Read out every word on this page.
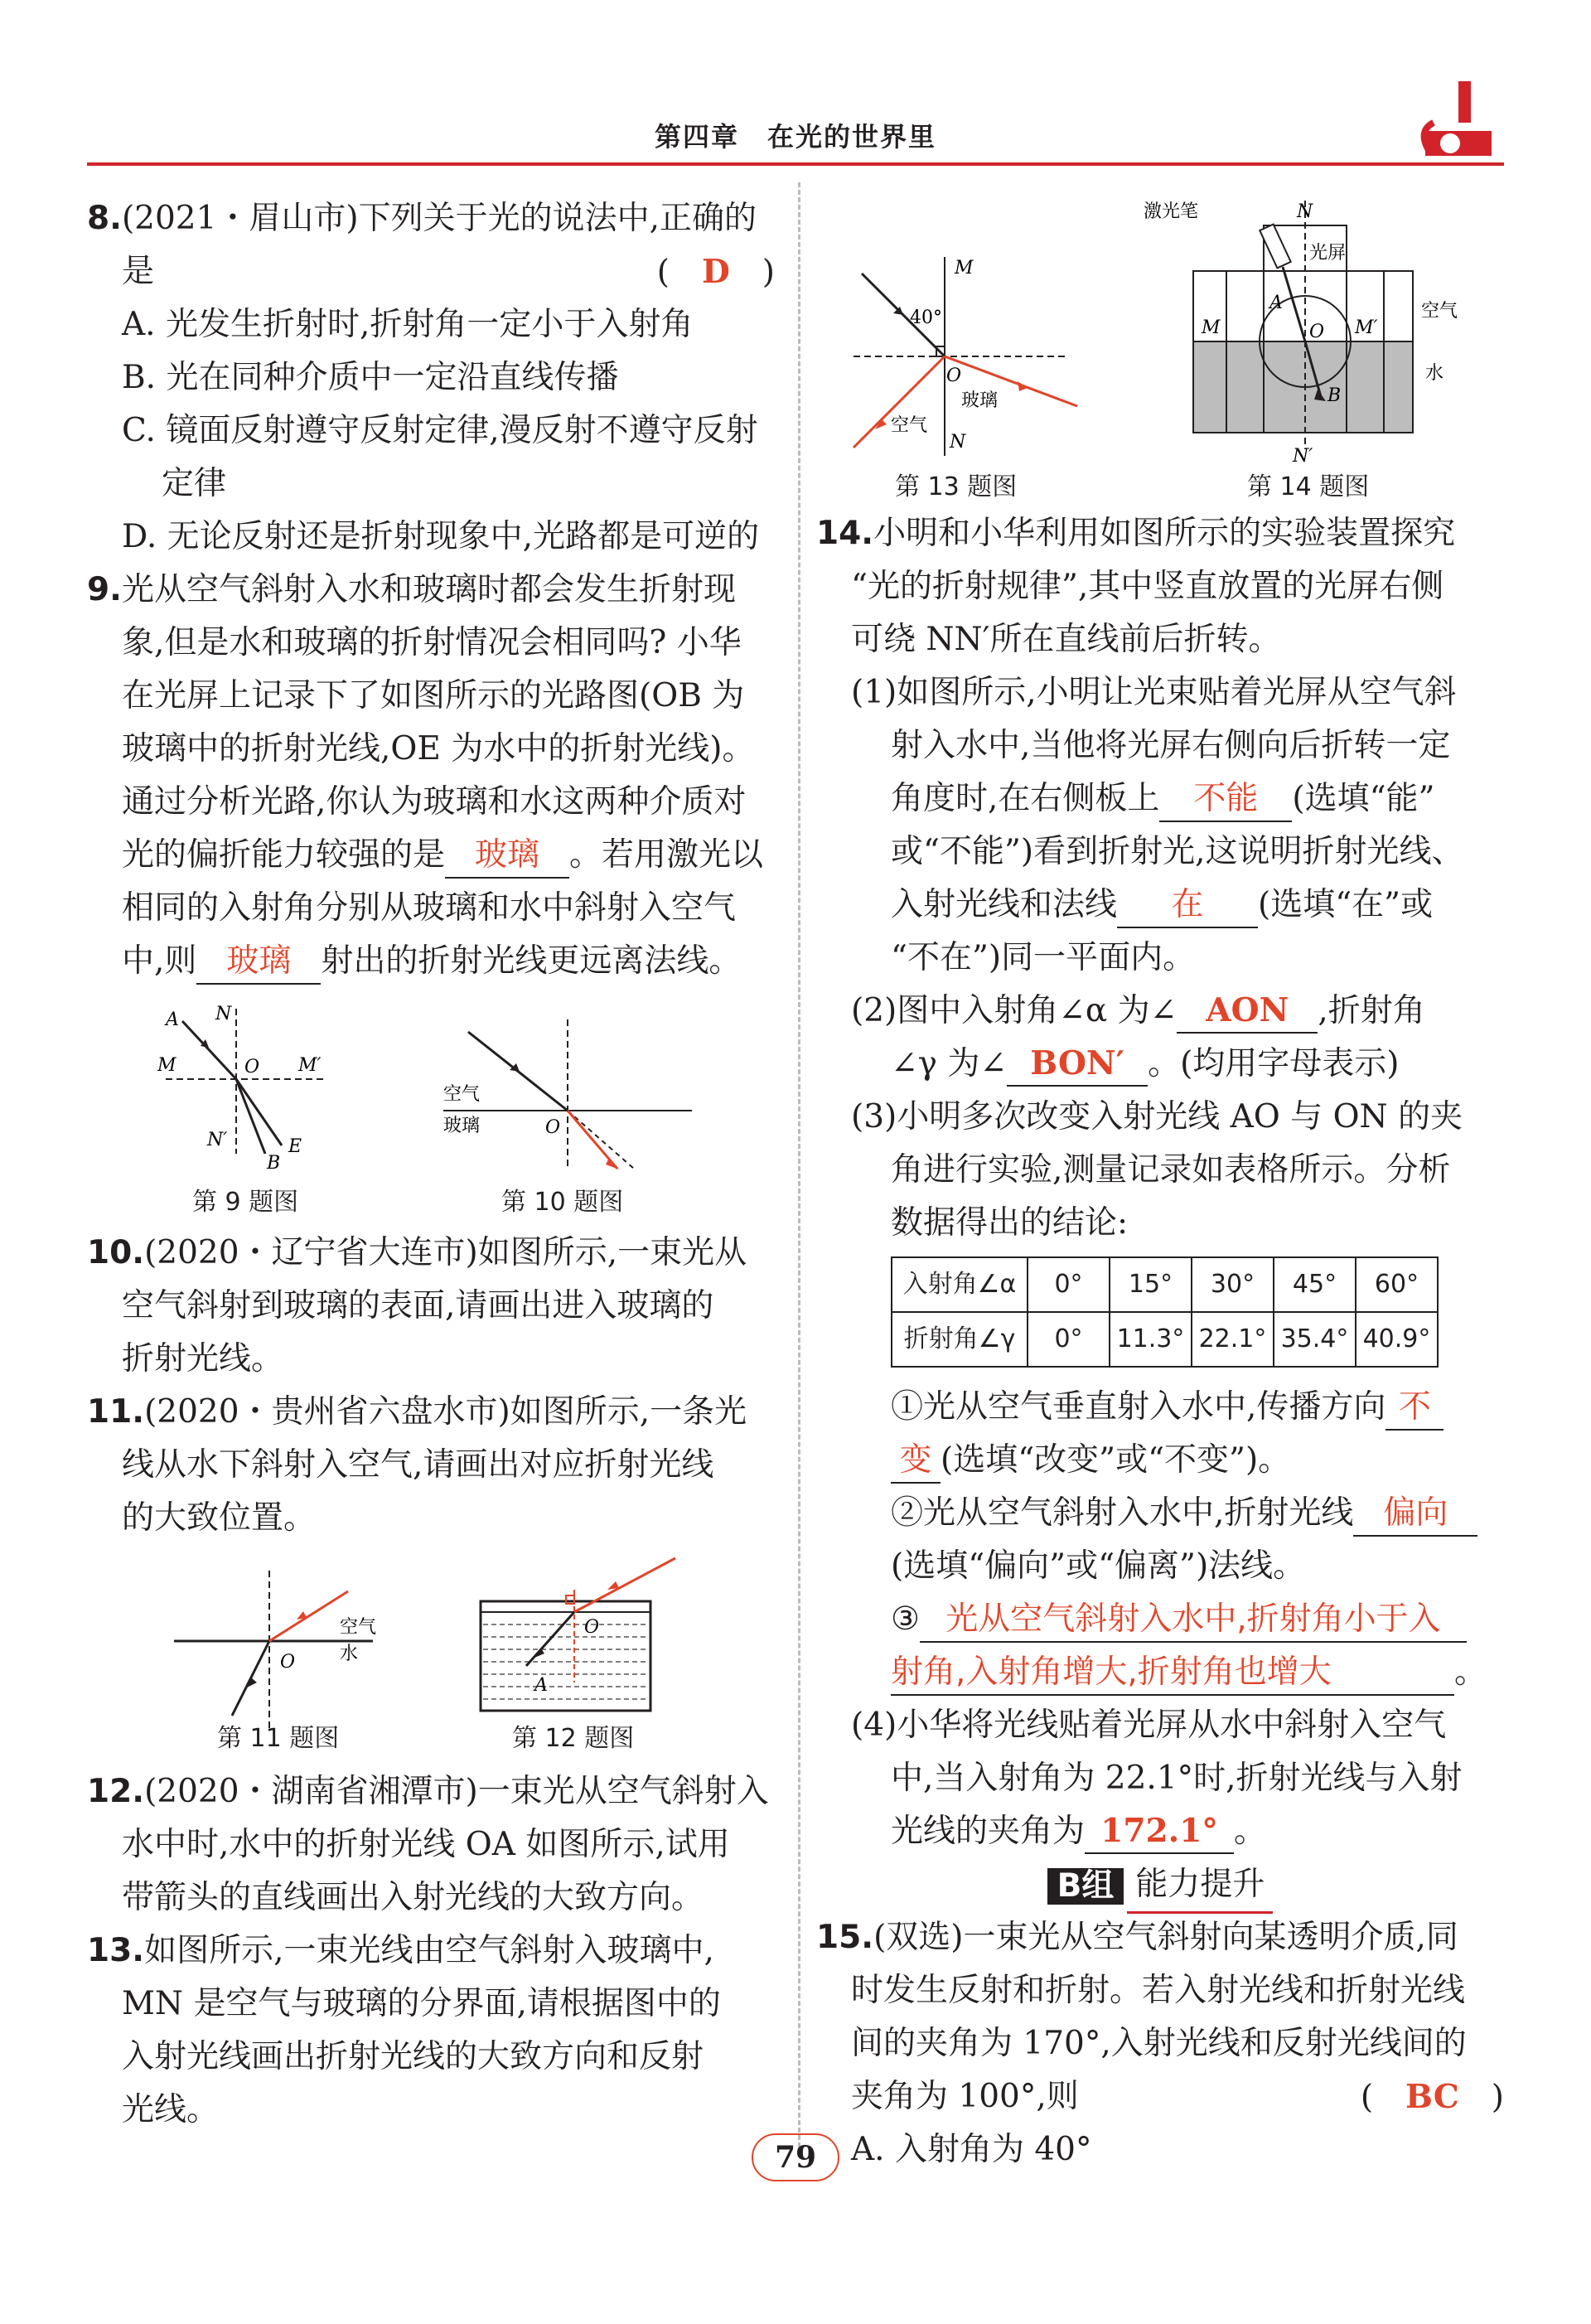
第四章　在光的世界里
8.(2021・眉山市)下列关于光的说法中,正确的
是	(　D　)
A. 光发生折射时,折射角一定小于入射角
B. 光在同种介质中一定沿直线传播
C. 镜面反射遵守反射定律,漫反射不遵守反射
定律
D. 无论反射还是折射现象中,光路都是可逆的
9.光从空气斜射入水和玻璃时都会发生折射现
象,但是水和玻璃的折射情况会相同吗? 小华
在光屏上记录下了如图所示的光路图(OB 为
玻璃中的折射光线,OE 为水中的折射光线)。
通过分析光路,你认为玻璃和水这两种介质对
光的偏折能力较强的是 玻璃 。若用激光以
相同的入射角分别从玻璃和水中斜射入空气
中,则 玻璃 射出的折射光线更远离法线。
A N
M	O M′
N′
B
E
第 9 题图
空气
玻璃	O
第 10 题图
10.(2020・辽宁省大连市)如图所示,一束光从
空气斜射到玻璃的表面,请画出进入玻璃的
折射光线。
11.(2020・贵州省六盘水市)如图所示,一条光
线从水下斜射入空气,请画出对应折射光线
的大致位置。
空气
水
O
第 11 题图
O
A
第 12 题图
12.(2020・湖南省湘潭市)一束光从空气斜射入
水中时,水中的折射光线 OA 如图所示,试用
带箭头的直线画出入射光线的大致方向。
13.如图所示,一束光线由空气斜射入玻璃中,
MN 是空气与玻璃的分界面,请根据图中的
入射光线画出折射光线的大致方向和反射
光线。
M
40°
O
玻璃
空气
N
第 13 题图
激光笔	N
光屏
空气
M
A
O M′
水
B
N′
第 14 题图
14.小明和小华利用如图所示的实验装置探究
“光的折射规律”,其中竖直放置的光屏右侧
可绕 NN′所在直线前后折转。
(1)如图所示,小明让光束贴着光屏从空气斜
射入水中,当他将光屏右侧向后折转一定
角度时,在右侧板上 不能 (选填“能”
或“不能”)看到折射光,这说明折射光线、
入射光线和法线 在 (选填“在”或
“不在”)同一平面内。
(2)图中入射角∠α 为∠ AON ,折射角
∠γ 为∠ BON′ 。(均用字母表示)
(3)小明多次改变入射光线 AO 与 ON 的夹
角进行实验,测量记录如表格所示。分析
数据得出的结论:
入射角∠α	0°	15°	30°	45°	60°
折射角∠γ	0°	11.3°	22.1°	35.4°	40.9°
①光从空气垂直射入水中,传播方向 不
变 (选填“改变”或“不变”)。
②光从空气斜射入水中,折射光线 偏向
(选填“偏向”或“偏离”)法线。
③ 光从空气斜射入水中,折射角小于入
射角,入射角增大,折射角也增大	。
(4)小华将光线贴着光屏从水中斜射入空气
中,当入射角为 22.1°时,折射光线与入射
光线的夹角为 172.1° 。
B组 能力提升
15.(双选)一束光从空气斜射向某透明介质,同
时发生反射和折射。若入射光线和折射光线
间的夹角为 170°,入射光线和反射光线间的
夹角为 100°,则	(　BC　)
A. 入射角为 40°
79
